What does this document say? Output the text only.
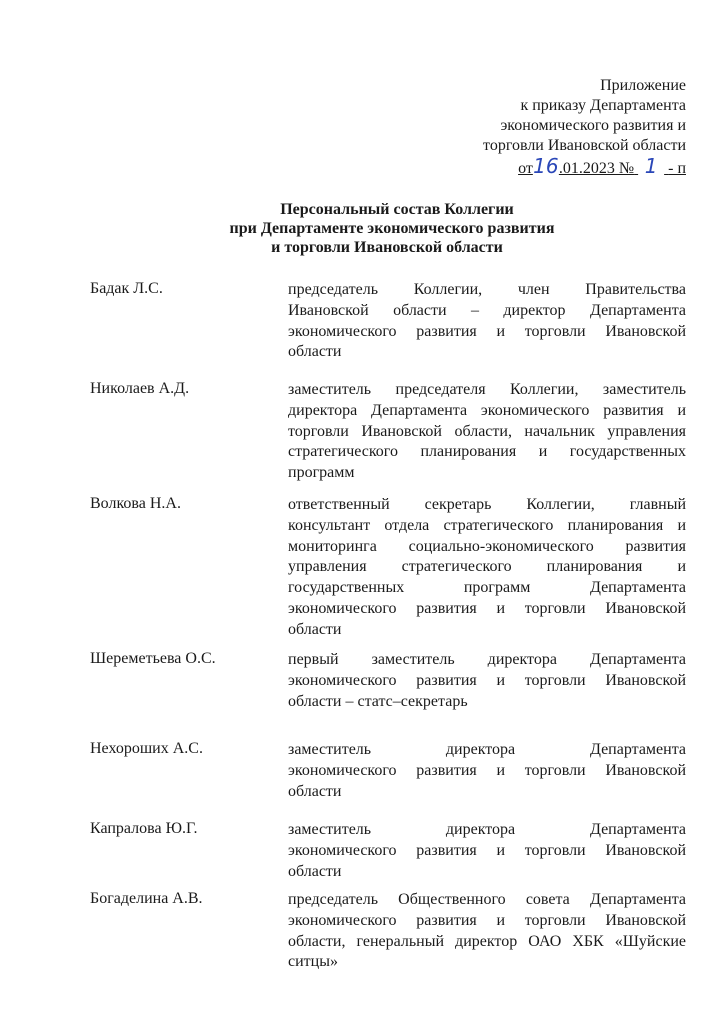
Приложение
к приказу Департамента
экономического развития и
торговли Ивановской области
от16.01.2023 № 1 - п
Персональный состав Коллегии
при Департаменте экономического развития
и торговли Ивановской области
Бадак Л.С.	председатель Коллегии, член Правительства
Ивановской области – директор Департамента
экономического развития и торговли Ивановской
области
Николаев А.Д.	заместитель председателя Коллегии, заместитель
директора Департамента экономического развития и
торговли Ивановской области, начальник управления
стратегического планирования и государственных
программ
Волкова Н.А.	ответственный секретарь Коллегии, главный
консультант отдела стратегического планирования и
мониторинга социально-экономического развития
управления стратегического планирования и
государственных программ Департамента
экономического развития и торговли Ивановской
области
Шереметьева О.С.	первый заместитель директора Департамента
экономического развития и торговли Ивановской
области – статс–секретарь
Нехороших А.С.	заместитель директора Департамента
экономического развития и торговли Ивановской
области
Капралова Ю.Г.	заместитель директора Департамента
экономического развития и торговли Ивановской
области
Богаделина А.В.	председатель Общественного совета Департамента
экономического развития и торговли Ивановской
области, генеральный директор ОАО ХБК «Шуйские
ситцы»
